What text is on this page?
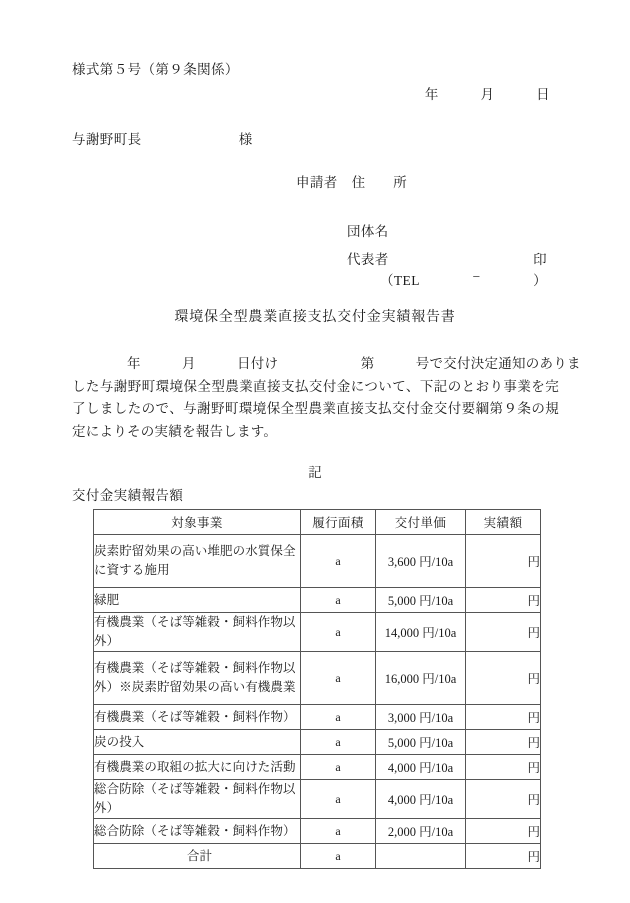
様式第５号（第９条関係）
年　　　月　　　日
与謝野町長　　　　　　　様
申請者　住　　所
団体名
代表者	印
（TEL	−	）
環境保全型農業直接支払交付金実績報告書
　　　　年　　　月　　　日付け　　　　　　第　　　号で交付決定通知のありました与謝野町環境保全型農業直接支払交付金について、下記のとおり事業を完了しましたので、与謝野町環境保全型農業直接支払交付金交付要綱第９条の規定によりその実績を報告します。
記
交付金実績報告額
対象事業	履行面積	交付単価	実績額
炭素貯留効果の高い堆肥の水質保全に資する施用	a	3,600 円/10a	円
緑肥	a	5,000 円/10a	円
有機農業（そば等雑穀・飼料作物以外）	a	14,000 円/10a	円
有機農業（そば等雑穀・飼料作物以外）※炭素貯留効果の高い有機農業	a	16,000 円/10a	円
有機農業（そば等雑穀・飼料作物）	a	3,000 円/10a	円
炭の投入	a	5,000 円/10a	円
有機農業の取組の拡大に向けた活動	a	4,000 円/10a	円
総合防除（そば等雑穀・飼料作物以外）	a	4,000 円/10a	円
総合防除（そば等雑穀・飼料作物）	a	2,000 円/10a	円
合計	a		円
